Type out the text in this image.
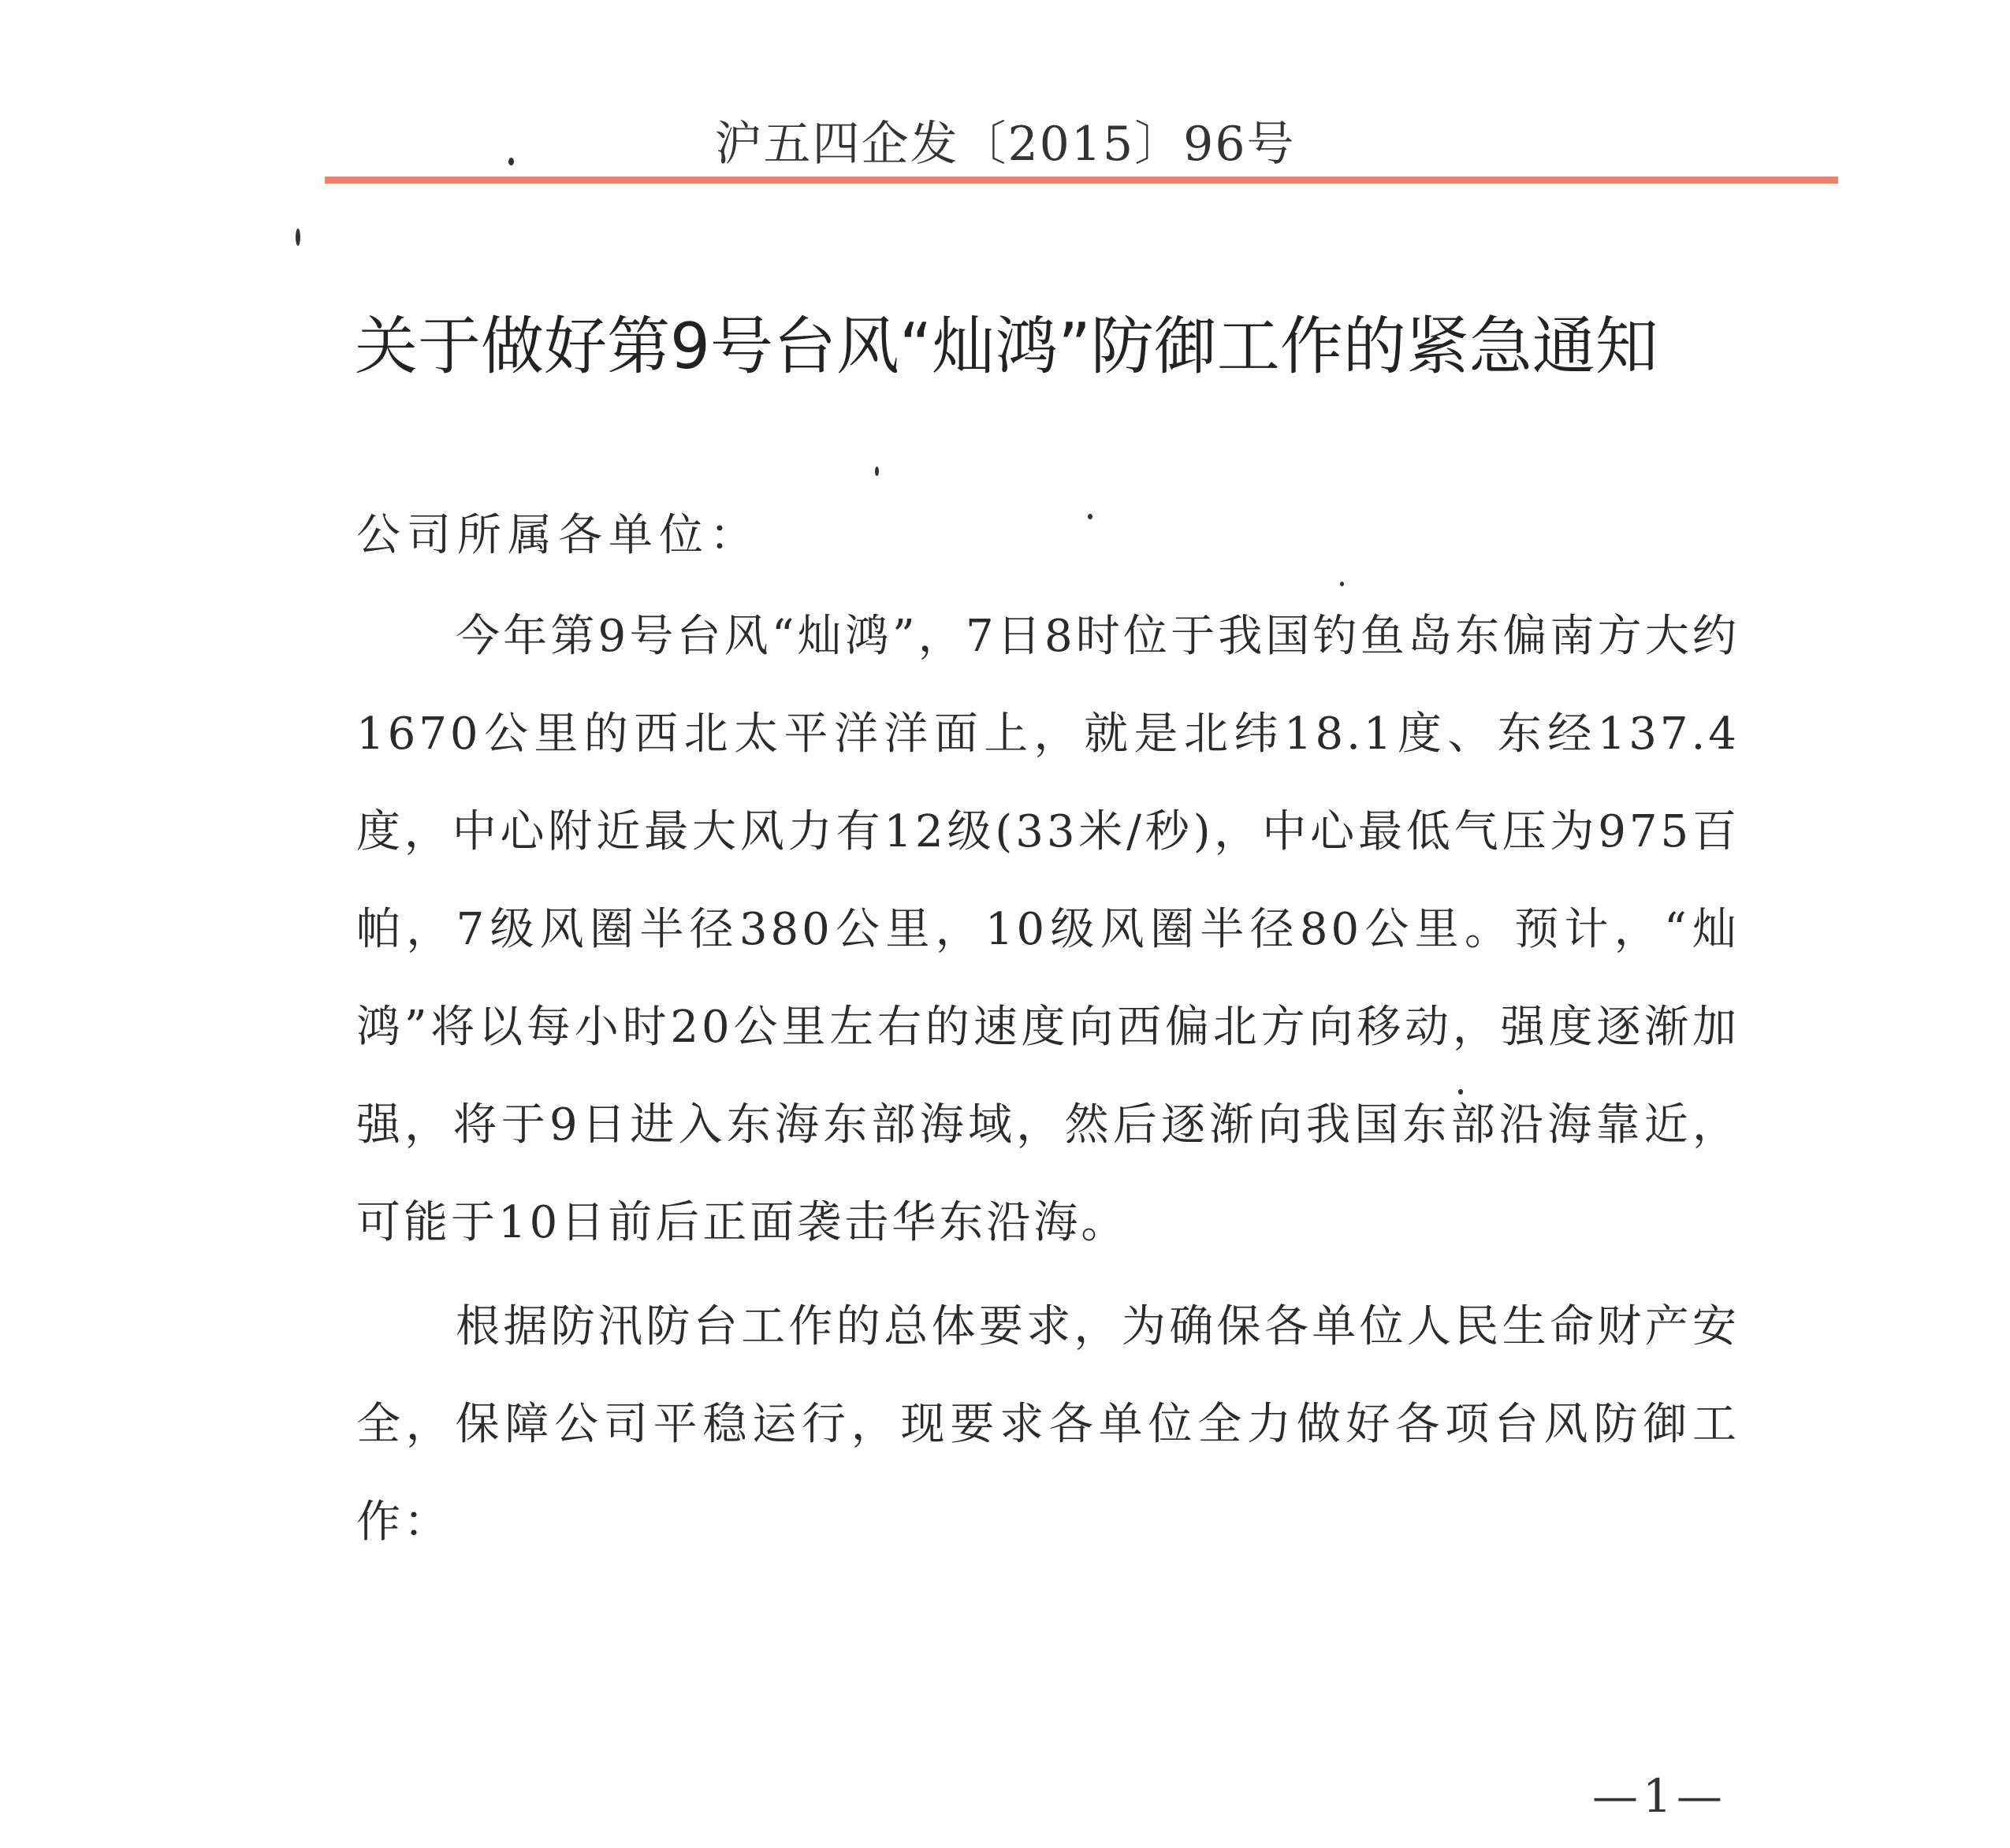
沪五四企发〔2015〕96号
关于做好第9号台风“灿鸿”防御工作的紧急通知
公司所属各单位：

今年第9号台风“灿鸿”，7日8时位于我国钓鱼岛东偏南方大约1670公里的西北太平洋洋面上，就是北纬18.1度、东经137.4度，中心附近最大风力有12级(33米/秒)，中心最低气压为975百帕，7级风圈半径380公里，10级风圈半径80公里。预计，“灿鸿”将以每小时20公里左右的速度向西偏北方向移动，强度逐渐加强，将于9日进入东海东部海域，然后逐渐向我国东部沿海靠近，可能于10日前后正面袭击华东沿海。

根据防汛防台工作的总体要求，为确保各单位人民生命财产安全，保障公司平稳运行，现要求各单位全力做好各项台风防御工作：

—1—
